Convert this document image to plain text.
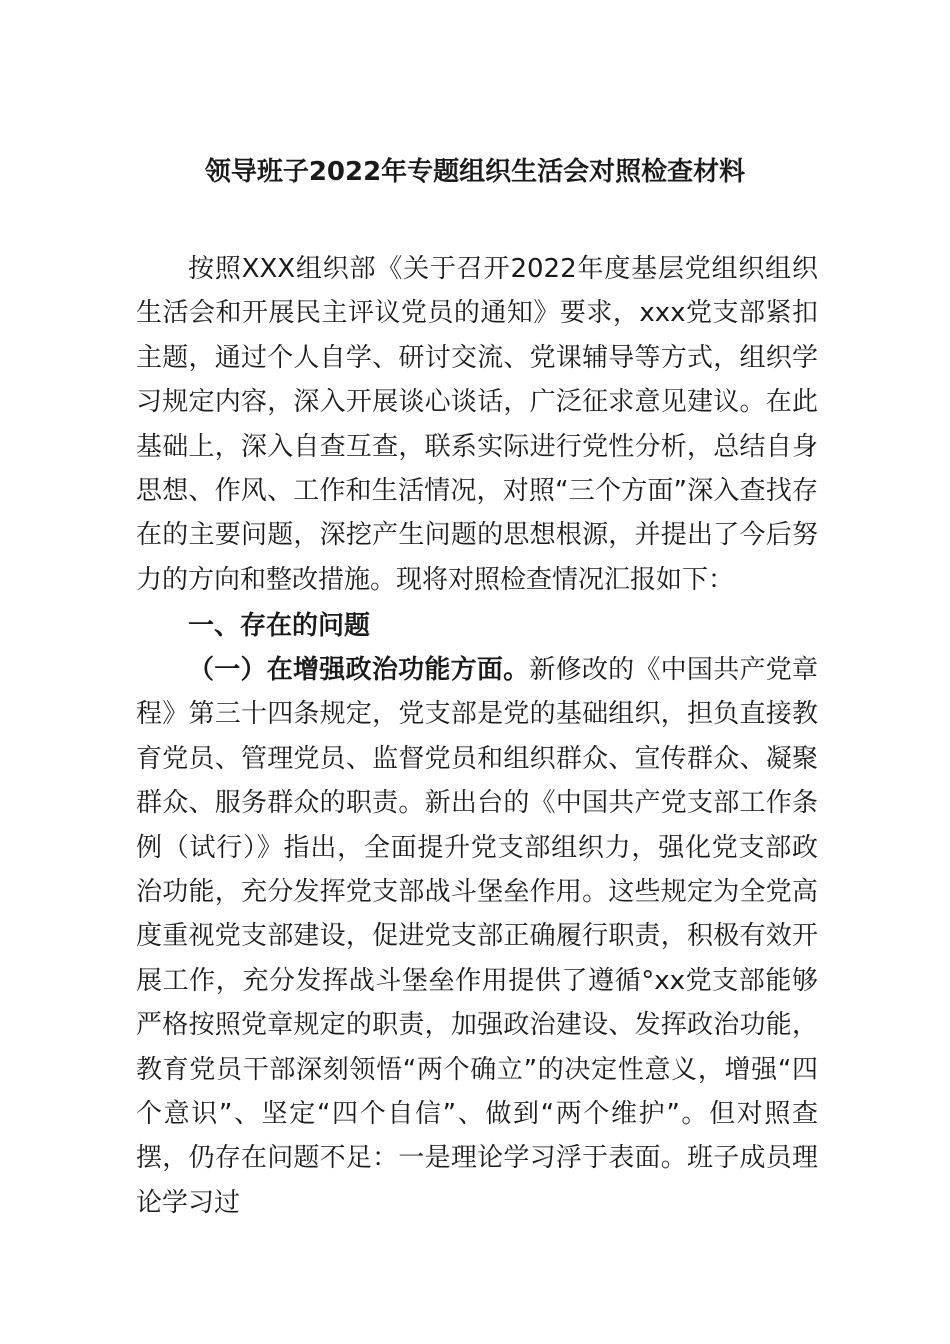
领导班子2022年专题组织生活会对照检查材料

按照XXX组织部《关于召开2022年度基层党组织组织生活会和开展民主评议党员的通知》要求，xxx党支部紧扣主题，通过个人自学、研讨交流、党课辅导等方式，组织学习规定内容，深入开展谈心谈话，广泛征求意见建议。在此基础上，深入自查互查，联系实际进行党性分析，总结自身思想、作风、工作和生活情况，对照“三个方面”深入查找存在的主要问题，深挖产生问题的思想根源，并提出了今后努力的方向和整改措施。现将对照检查情况汇报如下：

一、存在的问题

（一）在增强政治功能方面。新修改的《中国共产党章程》第三十四条规定，党支部是党的基础组织，担负直接教育党员、管理党员、监督党员和组织群众、宣传群众、凝聚群众、服务群众的职责。新出台的《中国共产党支部工作条例（试行）》指出，全面提升党支部组织力，强化党支部政治功能，充分发挥党支部战斗堡垒作用。这些规定为全党高度重视党支部建设，促进党支部正确履行职责，积极有效开展工作，充分发挥战斗堡垒作用提供了遵循°xx党支部能够严格按照党章规定的职责，加强政治建设、发挥政治功能，教育党员干部深刻领悟“两个确立”的决定性意义，增强“四个意识”、坚定“四个自信”、做到“两个维护”。但对照查摆，仍存在问题不足：一是理论学习浮于表面。班子成员理论学习过
